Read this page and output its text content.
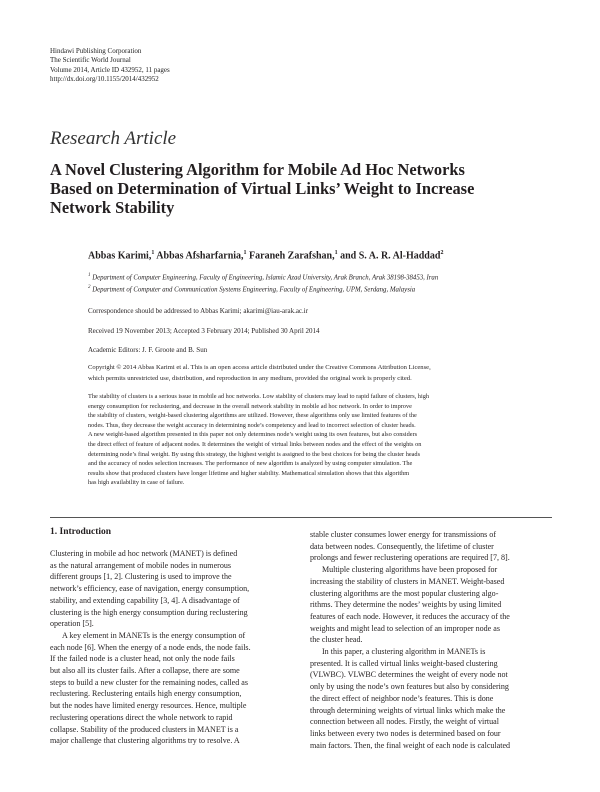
Hindawi Publishing Corporation
The Scientific World Journal
Volume 2014, Article ID 432952, 11 pages
http://dx.doi.org/10.1155/2014/432952
Research Article
A Novel Clustering Algorithm for Mobile Ad Hoc Networks
Based on Determination of Virtual Links’ Weight to Increase
Network Stability
Abbas Karimi,$^1$ Abbas Afsharfarnia,$^1$ Faraneh Zarafshan,$^1$ and S. A. R. Al-Haddad$^2$
$^1$ Department of Computer Engineering, Faculty of Engineering, Islamic Azad University, Arak Branch, Arak 38198-38453, Iran
$^2$ Department of Computer and Communication Systems Engineering, Faculty of Engineering, UPM, Serdang, Malaysia
Correspondence should be addressed to Abbas Karimi; akarimi@iau-arak.ac.ir
Received 19 November 2013; Accepted 3 February 2014; Published 30 April 2014
Academic Editors: J. F. Groote and B. Sun
Copyright © 2014 Abbas Karimi et al. This is an open access article distributed under the Creative Commons Attribution License,
which permits unrestricted use, distribution, and reproduction in any medium, provided the original work is properly cited.
The stability of clusters is a serious issue in mobile ad hoc networks. Low stability of clusters may lead to rapid failure of clusters, high
energy consumption for reclustering, and decrease in the overall network stability in mobile ad hoc network. In order to improve
the stability of clusters, weight-based clustering algorithms are utilized. However, these algorithms only use limited features of the
nodes. Thus, they decrease the weight accuracy in determining node’s competency and lead to incorrect selection of cluster heads.
A new weight-based algorithm presented in this paper not only determines node’s weight using its own features, but also considers
the direct effect of feature of adjacent nodes. It determines the weight of virtual links between nodes and the effect of the weights on
determining node’s final weight. By using this strategy, the highest weight is assigned to the best choices for being the cluster heads
and the accuracy of nodes selection increases. The performance of new algorithm is analyzed by using computer simulation. The
results show that produced clusters have longer lifetime and higher stability. Mathematical simulation shows that this algorithm
has high availability in case of failure.
1. Introduction

Clustering in mobile ad hoc network (MANET) is defined

as the natural arrangement of mobile nodes in numerous

different groups [1, 2]. Clustering is used to improve the

network’s efficiency, ease of navigation, energy consumption,

stability, and extending capability [3, 4]. A disadvantage of

clustering is the high energy consumption during reclustering

operation [5].

A key element in MANETs is the energy consumption of

each node [6]. When the energy of a node ends, the node fails.

If the failed node is a cluster head, not only the node fails

but also all its cluster fails. After a collapse, there are some

steps to build a new cluster for the remaining nodes, called as

reclustering. Reclustering entails high energy consumption,

but the nodes have limited energy resources. Hence, multiple

reclustering operations direct the whole network to rapid

collapse. Stability of the produced clusters in MANET is a

major challenge that clustering algorithms try to resolve. A

stable cluster consumes lower energy for transmissions of

data between nodes. Consequently, the lifetime of cluster

prolongs and fewer reclustering operations are required [7, 8].

Multiple clustering algorithms have been proposed for

increasing the stability of clusters in MANET. Weight-based

clustering algorithms are the most popular clustering algo-

rithms. They determine the nodes’ weights by using limited

features of each node. However, it reduces the accuracy of the

weights and might lead to selection of an improper node as

the cluster head.

In this paper, a clustering algorithm in MANETs is

presented. It is called virtual links weight-based clustering

(VLWBC). VLWBC determines the weight of every node not

only by using the node’s own features but also by considering

the direct effect of neighbor node’s features. This is done

through determining weights of virtual links which make the

connection between all nodes. Firstly, the weight of virtual

links between every two nodes is determined based on four

main factors. Then, the final weight of each node is calculated
